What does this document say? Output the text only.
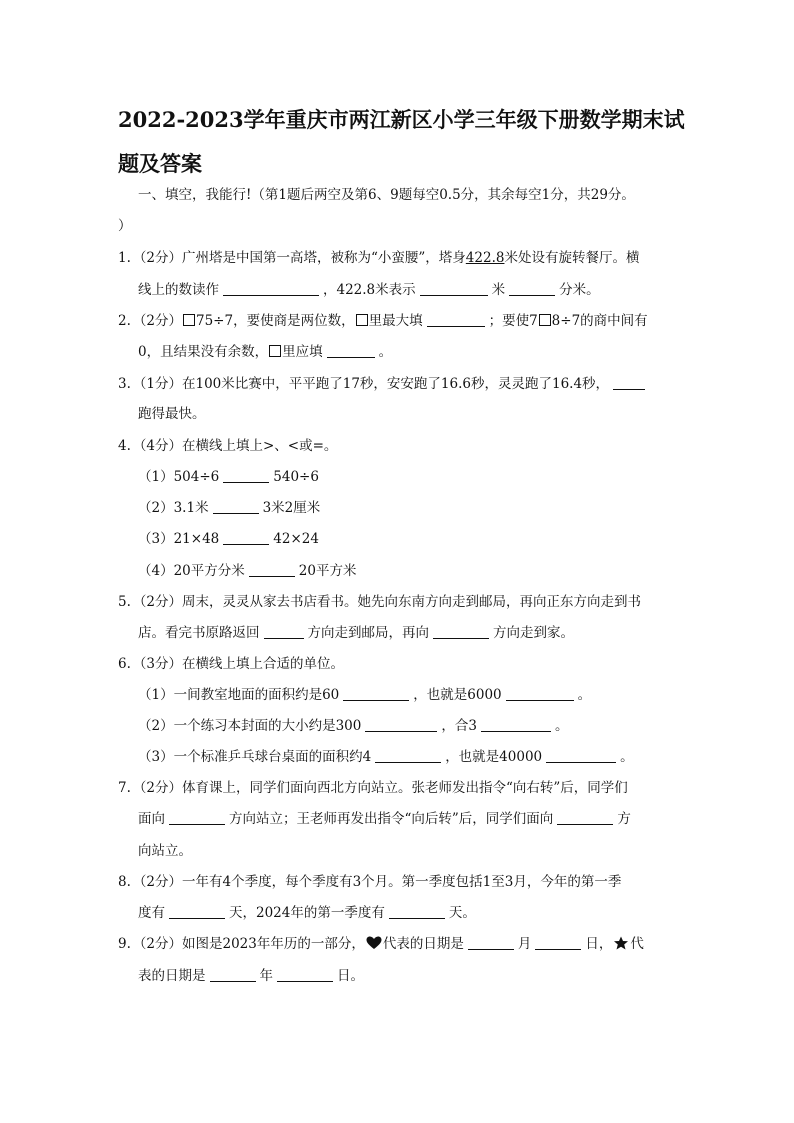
2022-2023学年重庆市两江新区小学三年级下册数学期末试
题及答案
一、填空，我能行!（第1题后两空及第6、9题每空0.5分，其余每空1分，共29分。
）
1. （2分）广州塔是中国第一高塔，被称为“小蛮腰”，塔身422.8米处设有旋转餐厅。横
线上的数读作	，422.8米表示	米	分米。
2. （2分） 75÷7，要使商是两位数， 里最大填	；要使7 8÷7的商中间有
0，且结果没有余数， 里应填	。
3. （1分）在100米比赛中，平平跑了17秒，安安跑了16.6秒，灵灵跑了16.4秒，
跑得最快。
4. （4分）在横线上填上>、<或=。
（1）504÷6	540÷6
（2）3.1米	3米2厘米
（3）21×48	42×24
（4）20平方分米	20平方米
5. （2分）周末，灵灵从家去书店看书。她先向东南方向走到邮局，再向正东方向走到书
店。看完书原路返回	方向走到邮局，再向	方向走到家。
6. （3分）在横线上填上合适的单位。
（1）一间教室地面的面积约是60	，也就是6000	。
（2）一个练习本封面的大小约是300	，合3	。
（3）一个标准乒乓球台桌面的面积约4	，也就是40000	。
7. （2分）体育课上，同学们面向西北方向站立。张老师发出指令“向右转”后，同学们
面向	方向站立；王老师再发出指令“向后转”后，同学们面向	方
向站立。
8. （2分）一年有4个季度，每个季度有3个月。第一季度包括1至3月，今年的第一季
度有	天，2024年的第一季度有	天。
9. （2分）如图是2023年年历的一部分， 代表的日期是	月	日， 代
表的日期是	年	日。
